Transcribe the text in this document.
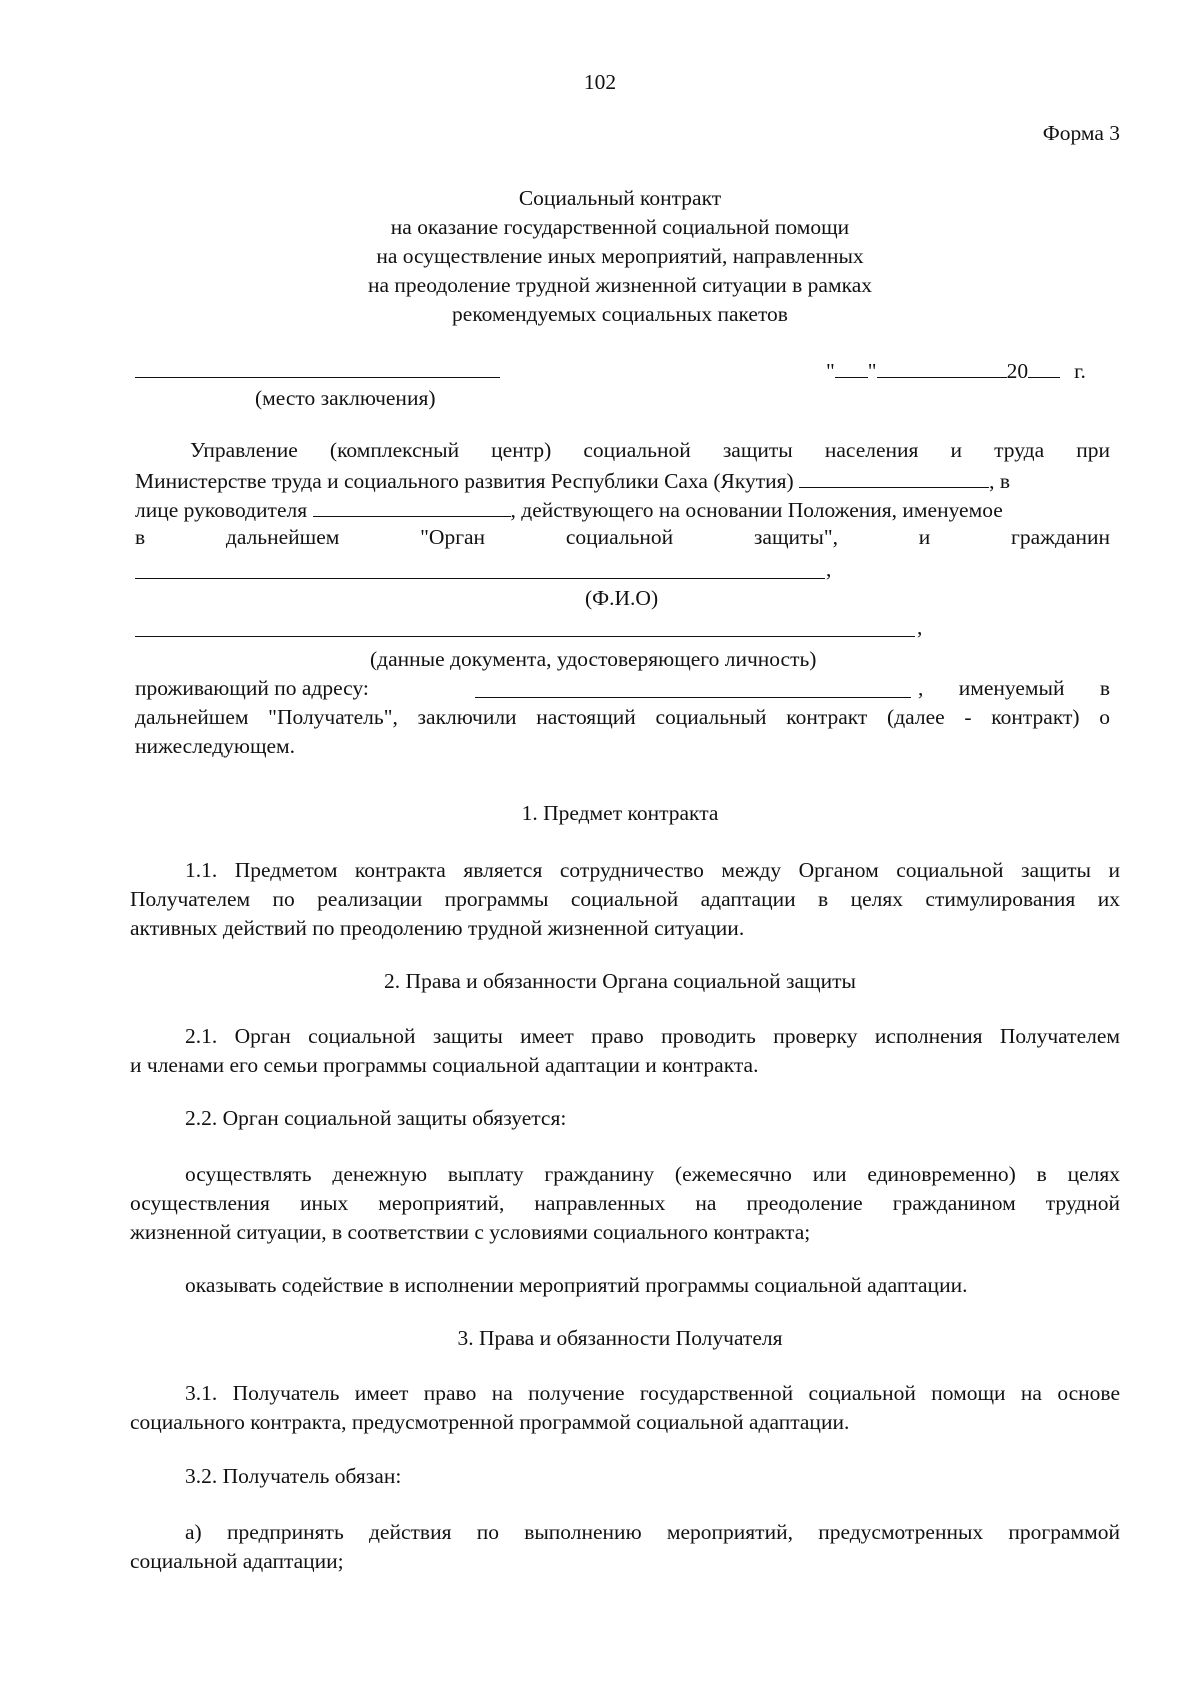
102
Форма 3
Социальный контракт
на оказание государственной социальной помощи
на осуществление иных мероприятий, направленных
на преодоление трудной жизненной ситуации в рамках
рекомендуемых социальных пакетов
" "	20 г.
(место заключения)
Управление (комплексный центр) социальной защиты населения и труда при
Министерстве труда и социального развития Республики Саха (Якутия)	, в
лице руководителя	, действующего на основании Положения, именуемое
в дальнейшем "Орган социальной защиты", и гражданин
,
(Ф.И.О)
,
(данные документа, удостоверяющего личность)
проживающий по адресу:	, именуемый в
дальнейшем "Получатель", заключили настоящий социальный контракт (далее - контракт) о
нижеследующем.
1. Предмет контракта
1.1. Предметом контракта является сотрудничество между Органом социальной защиты и
Получателем по реализации программы социальной адаптации в целях стимулирования их
активных действий по преодолению трудной жизненной ситуации.
2. Права и обязанности Органа социальной защиты
2.1. Орган социальной защиты имеет право проводить проверку исполнения Получателем
и членами его семьи программы социальной адаптации и контракта.
2.2. Орган социальной защиты обязуется:
осуществлять денежную выплату гражданину (ежемесячно или единовременно) в целях
осуществления иных мероприятий, направленных на преодоление гражданином трудной
жизненной ситуации, в соответствии с условиями социального контракта;
оказывать содействие в исполнении мероприятий программы социальной адаптации.
3. Права и обязанности Получателя
3.1. Получатель имеет право на получение государственной социальной помощи на основе
социального контракта, предусмотренной программой социальной адаптации.
3.2. Получатель обязан:
а) предпринять действия по выполнению мероприятий, предусмотренных программой
социальной адаптации;
